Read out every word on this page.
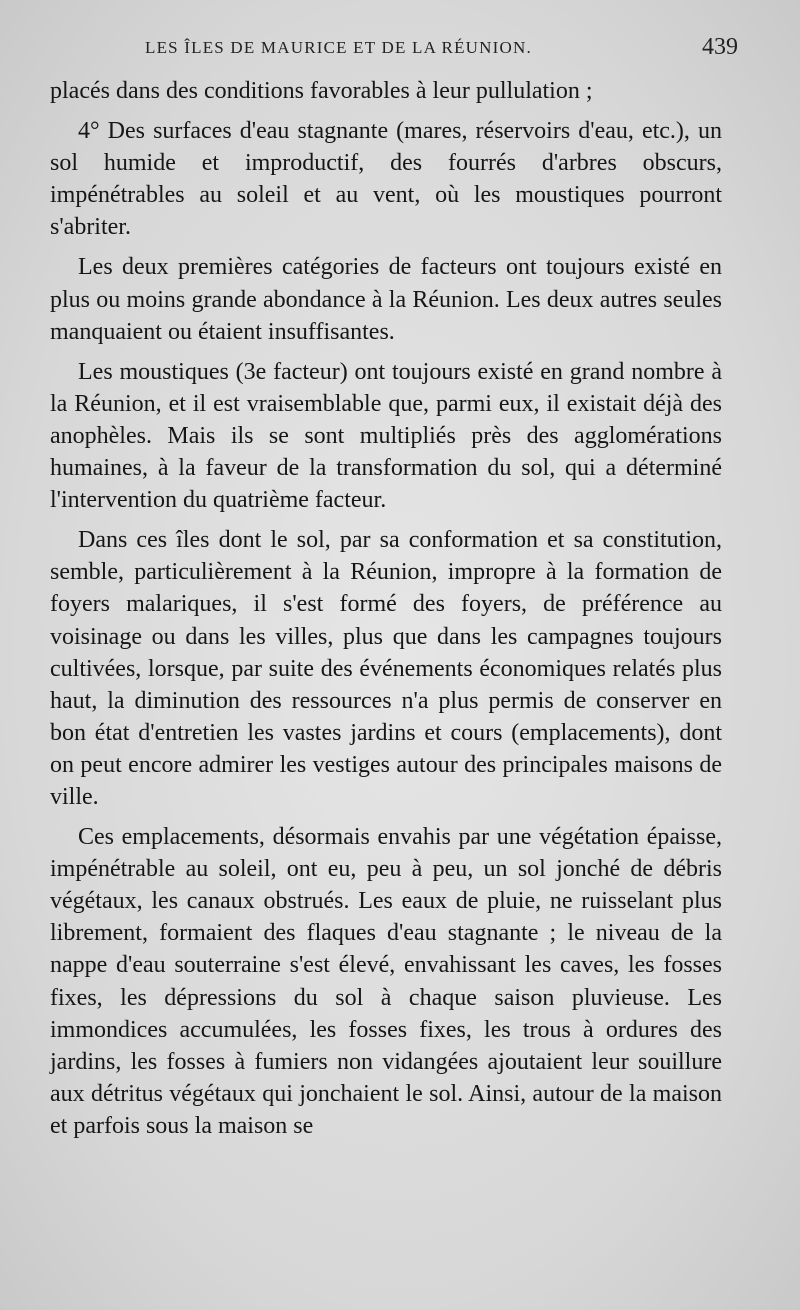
LES ÎLES DE MAURICE ET DE LA RÉUNION.	439

placés dans des conditions favorables à leur pullulation ;

4° Des surfaces d'eau stagnante (mares, réservoirs d'eau, etc.), un sol humide et improductif, des fourrés d'arbres obscurs, impénétrables au soleil et au vent, où les moustiques pourront s'abriter.

Les deux premières catégories de facteurs ont toujours existé en plus ou moins grande abondance à la Réunion. Les deux autres seules manquaient ou étaient insuffisantes.

Les moustiques (3e facteur) ont toujours existé en grand nombre à la Réunion, et il est vraisemblable que, parmi eux, il existait déjà des anophèles. Mais ils se sont multipliés près des agglomérations humaines, à la faveur de la transformation du sol, qui a déterminé l'intervention du quatrième facteur.

Dans ces îles dont le sol, par sa conformation et sa constitution, semble, particulièrement à la Réunion, impropre à la formation de foyers malariques, il s'est formé des foyers, de préférence au voisinage ou dans les villes, plus que dans les campagnes toujours cultivées, lorsque, par suite des événements économiques relatés plus haut, la diminution des ressources n'a plus permis de conserver en bon état d'entretien les vastes jardins et cours (emplacements), dont on peut encore admirer les vestiges autour des principales maisons de ville.

Ces emplacements, désormais envahis par une végétation épaisse, impénétrable au soleil, ont eu, peu à peu, un sol jonché de débris végétaux, les canaux obstrués. Les eaux de pluie, ne ruisselant plus librement, formaient des flaques d'eau stagnante ; le niveau de la nappe d'eau souterraine s'est élevé, envahissant les caves, les fosses fixes, les dépressions du sol à chaque saison pluvieuse. Les immondices accumulées, les fosses fixes, les trous à ordures des jardins, les fosses à fumiers non vidangées ajoutaient leur souillure aux détritus végétaux qui jonchaient le sol. Ainsi, autour de la maison et parfois sous la maison se
